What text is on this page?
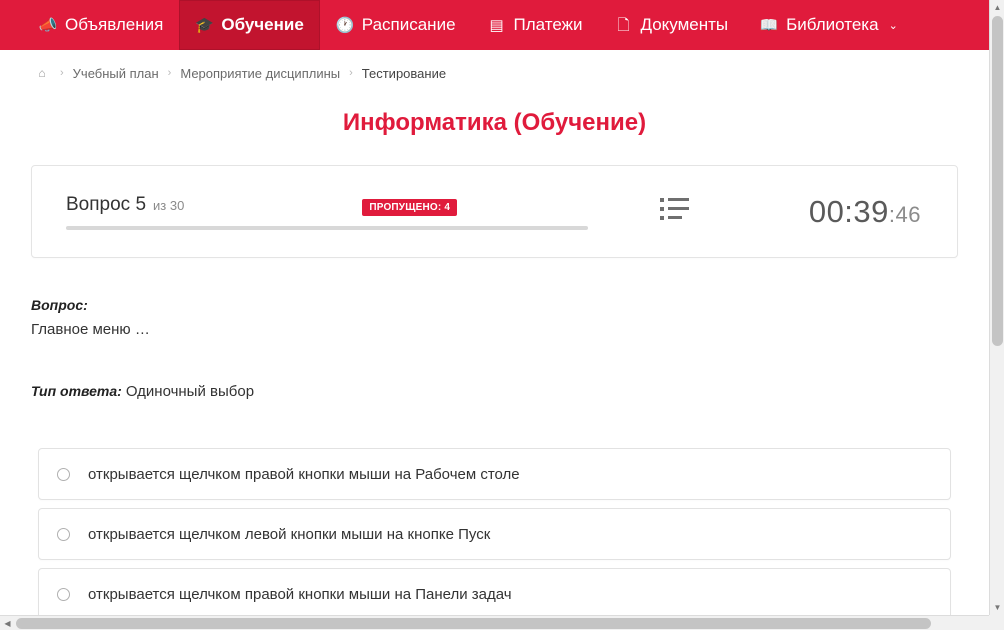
📣 Объявления 🎓 Обучение 🕐 Расписание ▤ Платежи 🗋 Документы 📖 Библиотека ⌄
⌂	› Учебный план › Мероприятие дисциплины › Тестирование
Информатика (Обучение)
Вопрос 5 из 30	ПРОПУЩЕНО: 4	00:39:46
Вопрос:
Главное меню …
Тип ответа: Одиночный выбор
открывается щелчком правой кнопки мыши на Рабочем столе
открывается щелчком левой кнопки мыши на кнопке Пуск
открывается щелчком правой кнопки мыши на Панели задач
▲
▼
◀
